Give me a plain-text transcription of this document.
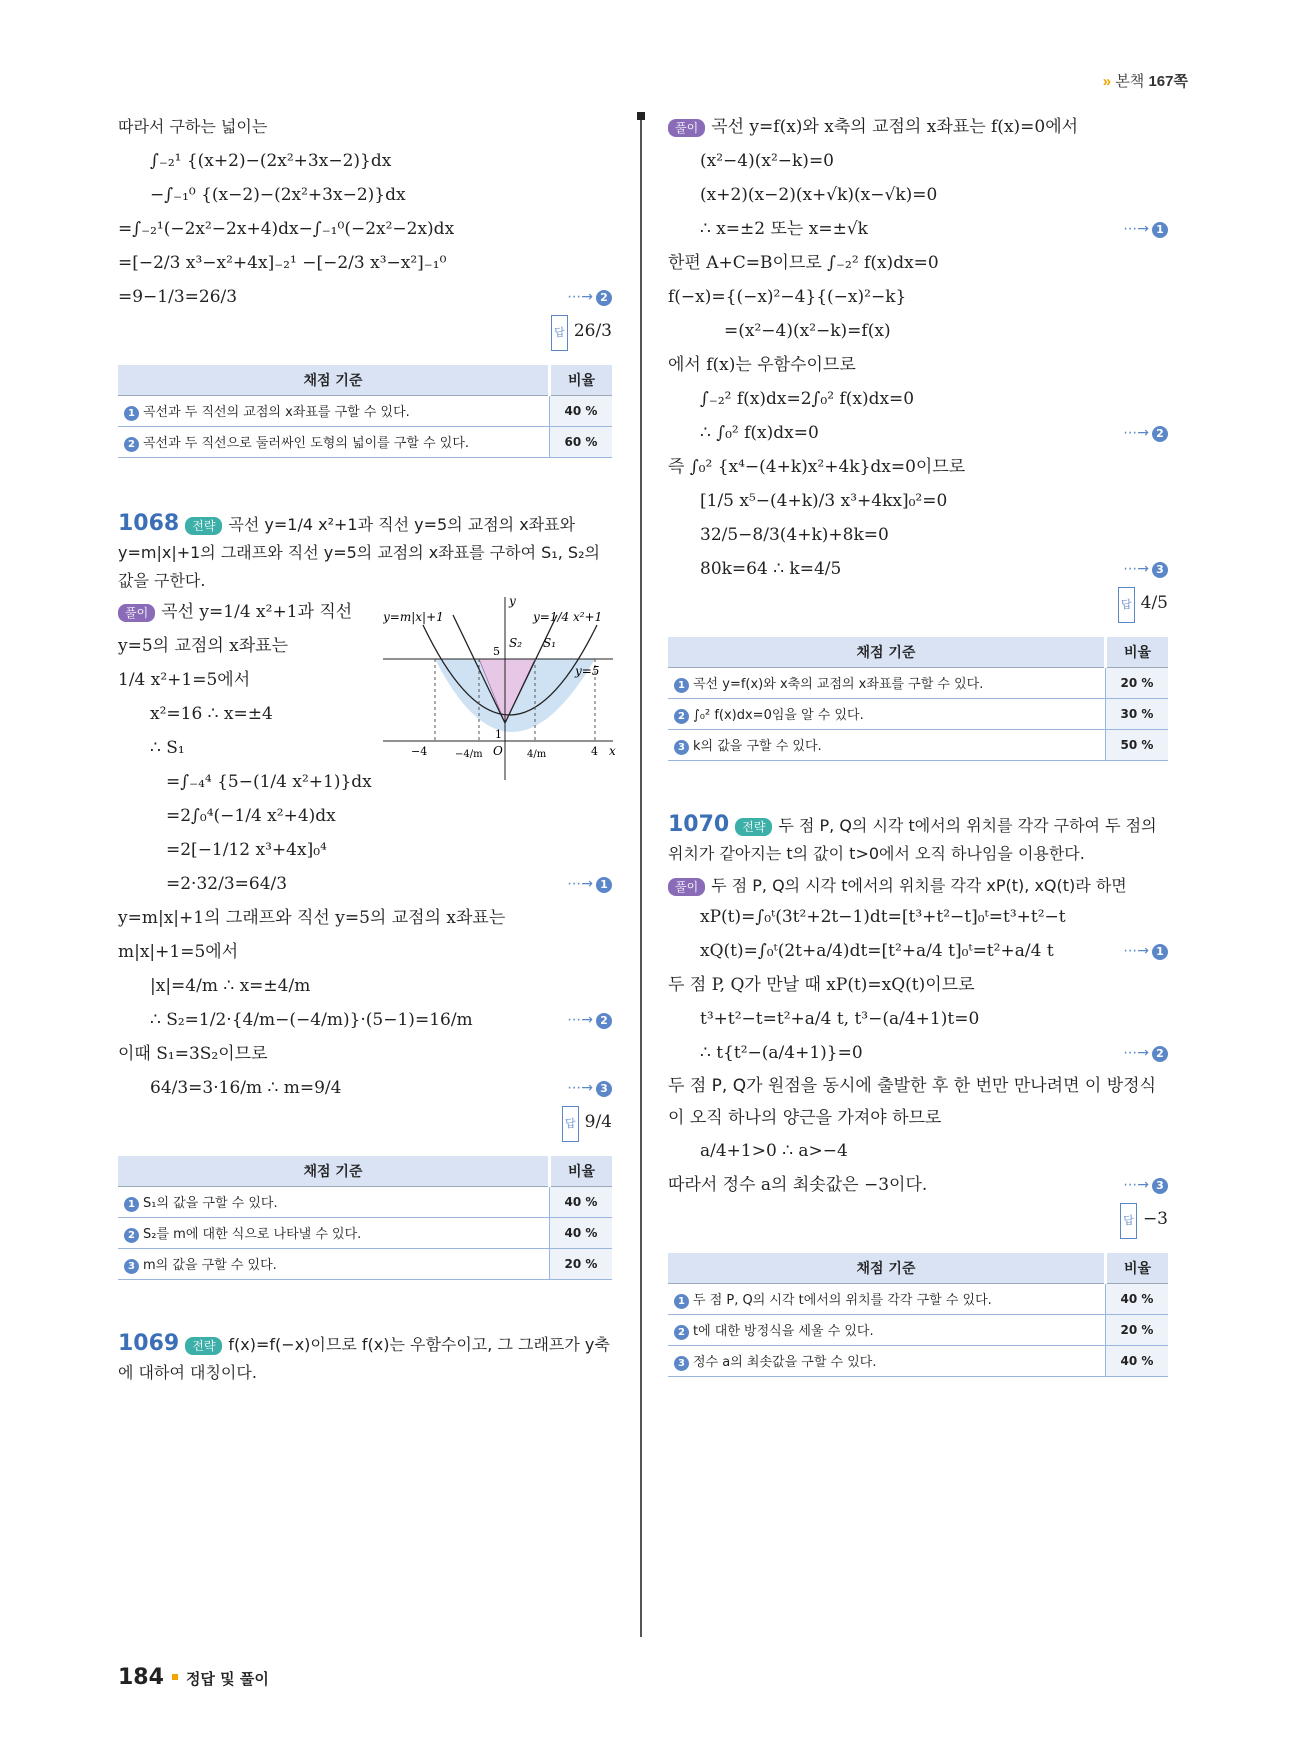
» 본책 167쪽
따라서 구하는 넓이는
∫₋₂¹ {(x+2)−(2x²+3x−2)}dx
−∫₋₁⁰ {(x−2)−(2x²+3x−2)}dx
=∫₋₂¹(−2x²−2x+4)dx−∫₋₁⁰(−2x²−2x)dx
=[−2/3 x³−x²+4x]₋₂¹ −[−2/3 x³−x²]₋₁⁰
=9−1/3=26/3	⋯→ 2
답 26/3
채점 기준	비율
1 곡선과 두 직선의 교점의 x좌표를 구할 수 있다.	40 %
2 곡선과 두 직선으로 둘러싸인 도형의 넓이를 구할 수 있다.	60 %
1068 전략 곡선 y=1/4 x²+1과 직선 y=5의 교점의 x좌표와 y=m|x|+1의 그래프와 직선 y=5의 교점의 x좌표를 구하여 S₁, S₂의 값을 구한다.
풀이 곡선 y=1/4 x²+1과 직선
y=5의 교점의 x좌표는
1/4 x²+1=5에서
x²=16 ∴ x=±4
∴ S₁
=∫₋₄⁴ {5−(1/4 x²+1)}dx
=2∫₀⁴(−1/4 x²+4)dx
=2[−1/12 x³+4x]₀⁴
=2·32/3=64/3	⋯→ 1
y=m|x|+1의 그래프와 직선 y=5의 교점의 x좌표는
m|x|+1=5에서
|x|=4/m ∴ x=±4/m
∴ S₂=1/2·{4/m−(−4/m)}·(5−1)=16/m	⋯→ 2
이때 S₁=3S₂이므로
64/3=3·16/m ∴ m=9/4	⋯→ 3
답 9/4
y=m|x|+1	y=1/4 x²+1
y=5
5
1
S₂ S₁
y
x
O
−4	4
−4/m	4/m
채점 기준	비율
1 S₁의 값을 구할 수 있다.	40 %
2 S₂를 m에 대한 식으로 나타낼 수 있다.	40 %
3 m의 값을 구할 수 있다.	20 %
1069 전략 f(x)=f(−x)이므로 f(x)는 우함수이고, 그 그래프가 y축에 대하여 대칭이다.
풀이 곡선 y=f(x)와 x축의 교점의 x좌표는 f(x)=0에서
(x²−4)(x²−k)=0
(x+2)(x−2)(x+√k)(x−√k)=0
∴ x=±2 또는 x=±√k	⋯→ 1
한편 A+C=B이므로 ∫₋₂² f(x)dx=0
f(−x)={(−x)²−4}{(−x)²−k}
=(x²−4)(x²−k)=f(x)
에서 f(x)는 우함수이므로
∫₋₂² f(x)dx=2∫₀² f(x)dx=0
∴ ∫₀² f(x)dx=0	⋯→ 2
즉 ∫₀² {x⁴−(4+k)x²+4k}dx=0이므로
[1/5 x⁵−(4+k)/3 x³+4kx]₀²=0
32/5−8/3(4+k)+8k=0
80k=64 ∴ k=4/5	⋯→ 3
답 4/5
채점 기준	비율
1 곡선 y=f(x)와 x축의 교점의 x좌표를 구할 수 있다.	20 %
2 ∫₀² f(x)dx=0임을 알 수 있다.	30 %
3 k의 값을 구할 수 있다.	50 %
1070 전략 두 점 P, Q의 시각 t에서의 위치를 각각 구하여 두 점의 위치가 같아지는 t의 값이 t>0에서 오직 하나임을 이용한다.
풀이 두 점 P, Q의 시각 t에서의 위치를 각각 xP(t), xQ(t)라 하면
xP(t)=∫₀ᵗ(3t²+2t−1)dt=[t³+t²−t]₀ᵗ=t³+t²−t
xQ(t)=∫₀ᵗ(2t+a/4)dt=[t²+a/4 t]₀ᵗ=t²+a/4 t	⋯→ 1
두 점 P, Q가 만날 때 xP(t)=xQ(t)이므로
t³+t²−t=t²+a/4 t, t³−(a/4+1)t=0
∴ t{t²−(a/4+1)}=0	⋯→ 2
두 점 P, Q가 원점을 동시에 출발한 후 한 번만 만나려면 이 방정식이 오직 하나의 양근을 가져야 하므로
a/4+1>0 ∴ a>−4
따라서 정수 a의 최솟값은 −3이다.	⋯→ 3
답 −3
채점 기준	비율
1 두 점 P, Q의 시각 t에서의 위치를 각각 구할 수 있다.	40 %
2 t에 대한 방정식을 세울 수 있다.	20 %
3 정수 a의 최솟값을 구할 수 있다.	40 %
184 정답 및 풀이
